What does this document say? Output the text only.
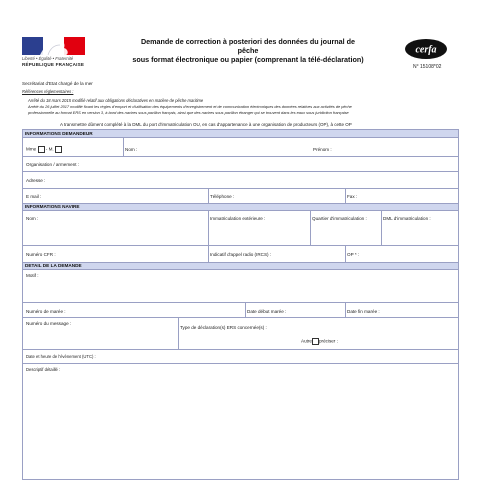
Liberté • Égalité • Fraternité
RÉPUBLIQUE FRANÇAISE
Demande de correction à posteriori des données du journal de pêche
sous format électronique ou papier (comprenant la télé-déclaration)
cerfa
N° 15108*02
Secrétariat d'Etat chargé de la mer
Références réglementaires :
Arrêté du 18 mars 2015 modifié relatif aux obligations déclaratives en matière de pêche maritime
Arrêté du 26 juillet 2017 modifié fixant les règles d'emport et d'utilisation des équipements d'enregistrement et de communication électroniques des données relatives aux activités de pêche
professionnelle au format ERS en version 3, à bord des navires sous pavillon français, ainsi que des navires sous pavillon étranger qui se trouvent dans les eaux sous juridiction française
A transmettre dûment complété à la DML du port d'immatriculation OU, en cas d'appartenance à une organisation de producteurs (OP), à cette OP
INFORMATIONS DEMANDEUR
Mme - M.	Nom :	Prénom :
Organisation / armement :
Adresse :
E mail :	Téléphone :	Fax :
INFORMATIONS NAVIRE
Nom :	Immatriculation extérieure :	Quartier d'immatriculation :	DML d'immatriculation :
Numéro CFR :	Indicatif d'appel radio (IRCS) :	OP * :
DETAIL DE LA DEMANDE
Motif :
Numéro de marée :	Date début marée :	Date fin marée :
Numéro du message :
Type de déclaration(s) ERS concernée(s) :
Autre préciser :
Date et heure de l'évènement (UTC) :
Descriptif détaillé :
